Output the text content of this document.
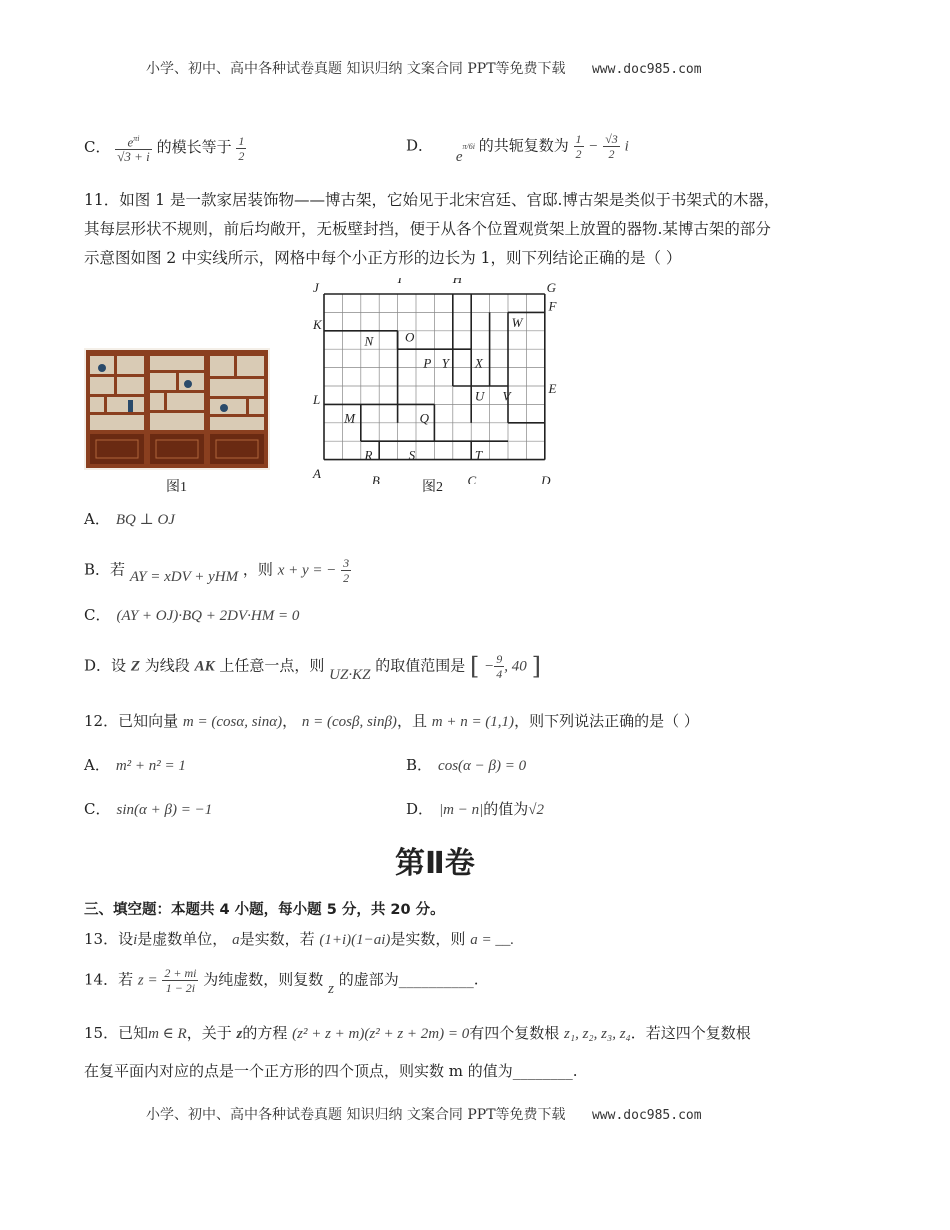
小学、初中、高中各种试卷真题 知识归纳 文案合同 PPT等免费下载 www.doc985.com
C． $\frac{e^{\pi i}}{√3 + i}$ 的模长等于 $\frac{1}{2}$	D． $e^{\pi/6i}$ 的共轭复数为 $\frac{1}{2} - \frac{√3}{2}$ i
11．如图 1 是一款家居装饰物——博古架，它始见于北宋宫廷、官邸.博古架是类似于书架式的木器，
其每层形状不规则，前后均敞开，无板壁封挡，便于从各个位置观赏架上放置的器物.某博古架的部分
示意图如图 2 中实线所示，网格中每个小正方形的边长为 1，则下列结论正确的是（ ）
图1
J
I	H
G
F
K	W
N O
P Y X
E
U V
L
M	Q
R	S	T
A	B	C	D
图2
A． BQ ⊥ OJ
B．若 AY = xDV + yHM ，则 x + y = − $\frac{3}{2}$
C． (AY + OJ)·BQ + 2DV·HM = 0
D．设 Z 为线段 AK 上任意一点，则 UZ·KZ 的取值范围是 [ − $\frac{9}{4}$ , 40 ]
12．已知向量 m = (cosα, sinα)， n = (cosβ, sinβ)，且 m + n = (1,1)，则下列说法正确的是（ ）
A． m² + n² = 1	B． cos(α − β) = 0
C． sin(α + β) = −1	D． |m − n|的值为√2
第Ⅱ卷
三、填空题：本题共 4 小题，每小题 5 分，共 20 分。
13．设i是虚数单位， a是实数，若 (1+i)(1−ai)是实数，则 a = __.
14．若 $z = \frac{2 + mi}{1 - 2i}$ 为纯虚数，则复数 z 的虚部为__________.
15．已知m ∈ R，关于 z的方程 (z² + z + m)(z² + z + 2m) = 0有四个复数根 z₁, z₂, z₃, z₄．若这四个复数根
在复平面内对应的点是一个正方形的四个顶点，则实数 m 的值为________.
小学、初中、高中各种试卷真题 知识归纳 文案合同 PPT等免费下载 www.doc985.com
